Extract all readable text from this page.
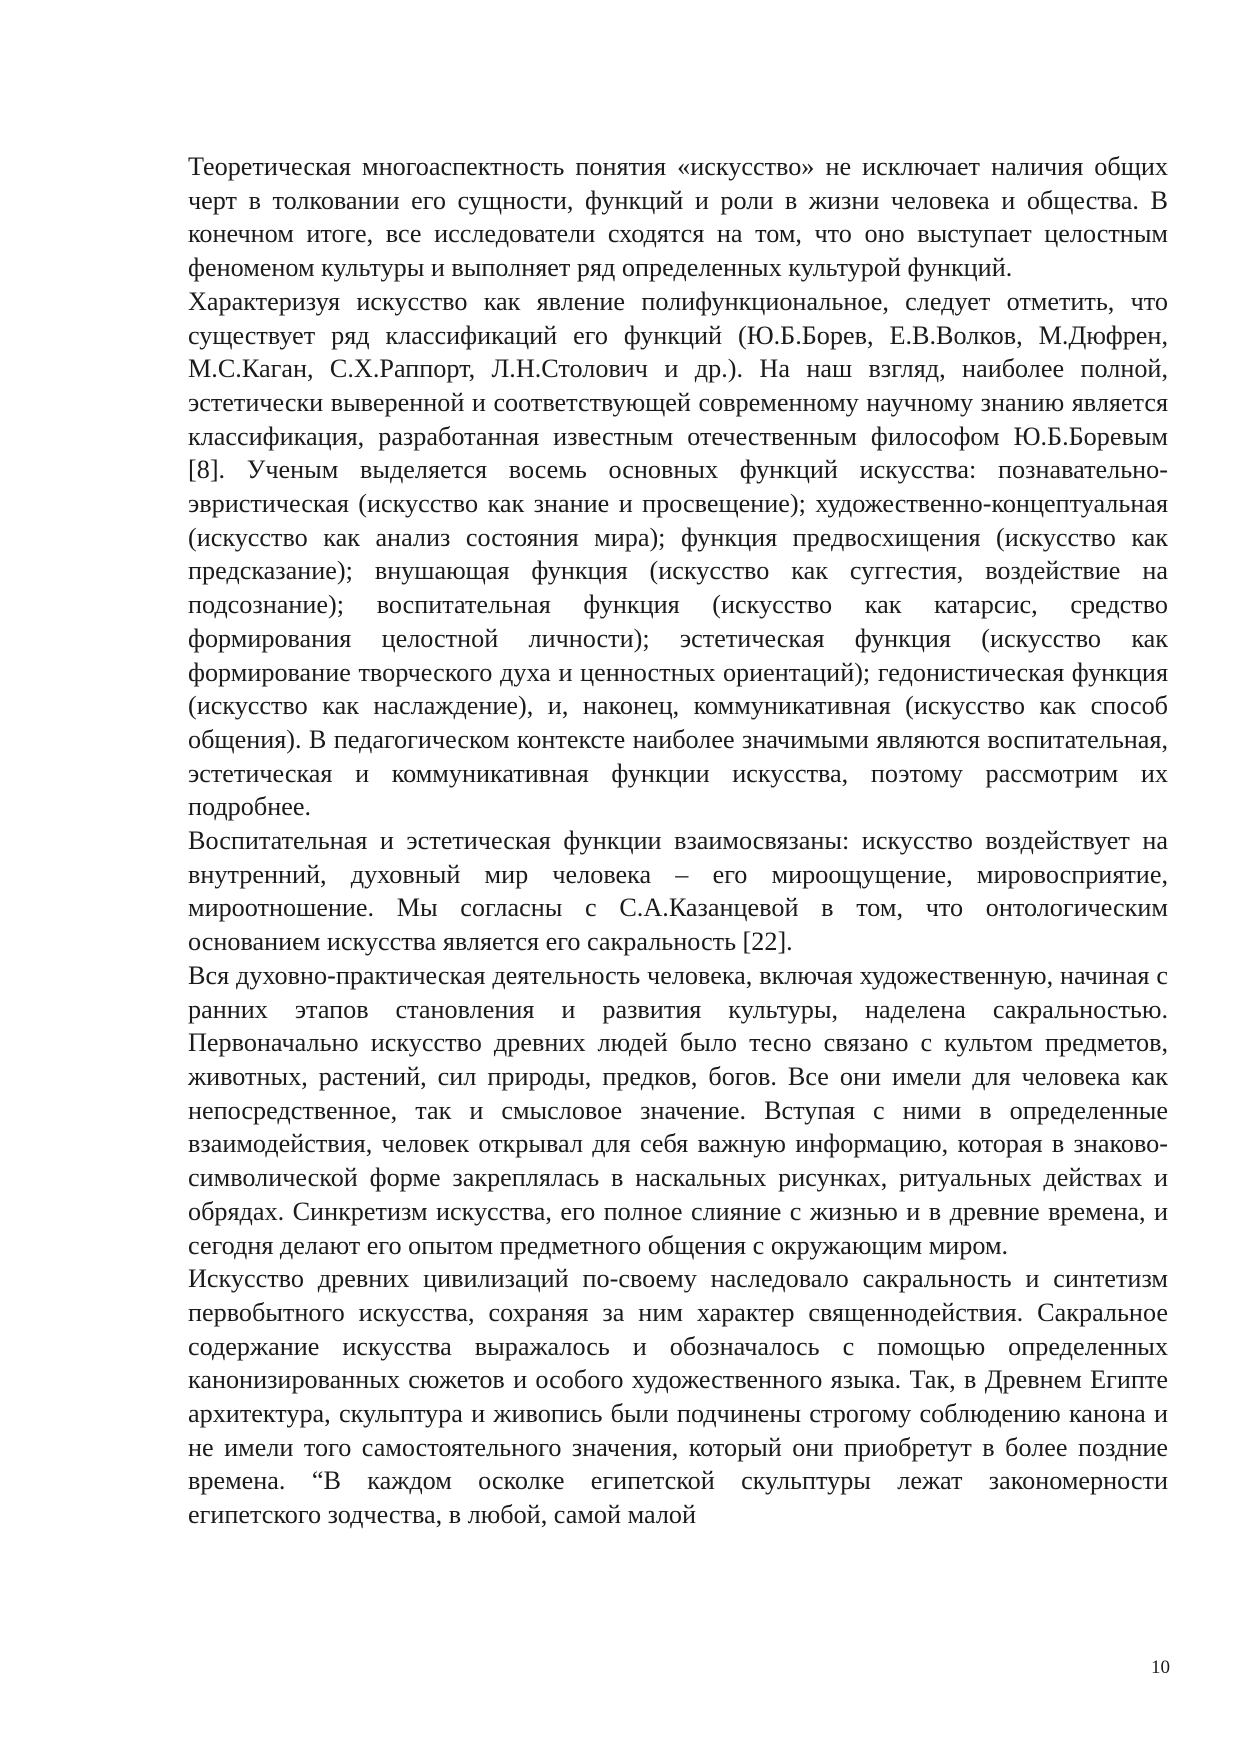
Теоретическая многоаспектность понятия «искусство» не исключает наличия общих черт в толковании его сущности, функций и роли в жизни человека и общества. В конечном итоге, все исследователи сходятся на том, что оно выступает целостным феноменом культуры и выполняет ряд определенных культурой функций.

Характеризуя искусство как явление полифункциональное, следует отметить, что существует ряд классификаций его функций (Ю.Б.Борев, Е.В.Волков, М.Дюфрен, М.С.Каган, С.Х.Раппорт, Л.Н.Столович и др.). На наш взгляд, наиболее полной, эстетически выверенной и соответствующей современному научному знанию является классификация, разработанная известным отечественным философом Ю.Б.Боревым [8]. Ученым выделяется восемь основных функций искусства: познавательно-эвристическая (искусство как знание и просвещение); художественно-концептуальная (искусство как анализ состояния мира); функция предвосхищения (искусство как предсказание); внушающая функция (искусство как суггестия, воздействие на подсознание); воспитательная функция (искусство как катарсис, средство формирования целостной личности); эстетическая функция (искусство как формирование творческого духа и ценностных ориентаций); гедонистическая функция (искусство как наслаждение), и, наконец, коммуникативная (искусство как способ общения). В педагогическом контексте наиболее значимыми являются воспитательная, эстетическая и коммуникативная функции искусства, поэтому рассмотрим их подробнее.

Воспитательная и эстетическая функции взаимосвязаны: искусство воздействует на внутренний, духовный мир человека – его мироощущение, мировосприятие, мироотношение. Мы согласны с С.А.Казанцевой в том, что онтологическим основанием искусства является его сакральность [22].

Вся духовно-практическая деятельность человека, включая художественную, начиная с ранних этапов становления и развития культуры, наделена сакральностью. Первоначально искусство древних людей было тесно связано с культом предметов, животных, растений, сил природы, предков, богов. Все они имели для человека как непосредственное, так и смысловое значение. Вступая с ними в определенные взаимодействия, человек открывал для себя важную информацию, которая в знаково-символической форме закреплялась в наскальных рисунках, ритуальных действах и обрядах. Синкретизм искусства, его полное слияние с жизнью и в древние времена, и сегодня делают его опытом предметного общения с окружающим миром.

Искусство древних цивилизаций по-своему наследовало сакральность и синтетизм первобытного искусства, сохраняя за ним характер священнодействия. Сакральное содержание искусства выражалось и обозначалось с помощью определенных канонизированных сюжетов и особого художественного языка. Так, в Древнем Египте архитектура, скульптура и живопись были подчинены строгому соблюдению канона и не имели того самостоятельного значения, который они приобретут в более поздние времена. “В каждом осколке египетской скульптуры лежат закономерности египетского зодчества, в любой, самой малой

10
